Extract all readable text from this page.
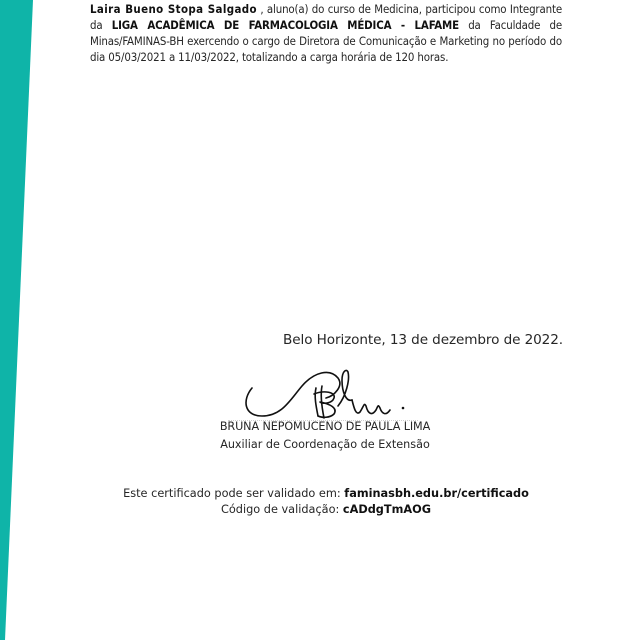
Laira Bueno Stopa Salgado , aluno(a) do curso de Medicina, participou como Integrante da LIGA ACADÊMICA DE FARMACOLOGIA MÉDICA - LAFAME da Faculdade de Minas/FAMINAS-BH exercendo o cargo de Diretora de Comunicação e Marketing no período do dia 05/03/2021 a 11/03/2022, totalizando a carga horária de 120 horas.
Belo Horizonte, 13 de dezembro de 2022.
BRUNA NEPOMUCENO DE PAULA LIMA
Auxiliar de Coordenação de Extensão
Este certificado pode ser validado em: faminasbh.edu.br/certificado
Código de validação: cADdgTmAOG
